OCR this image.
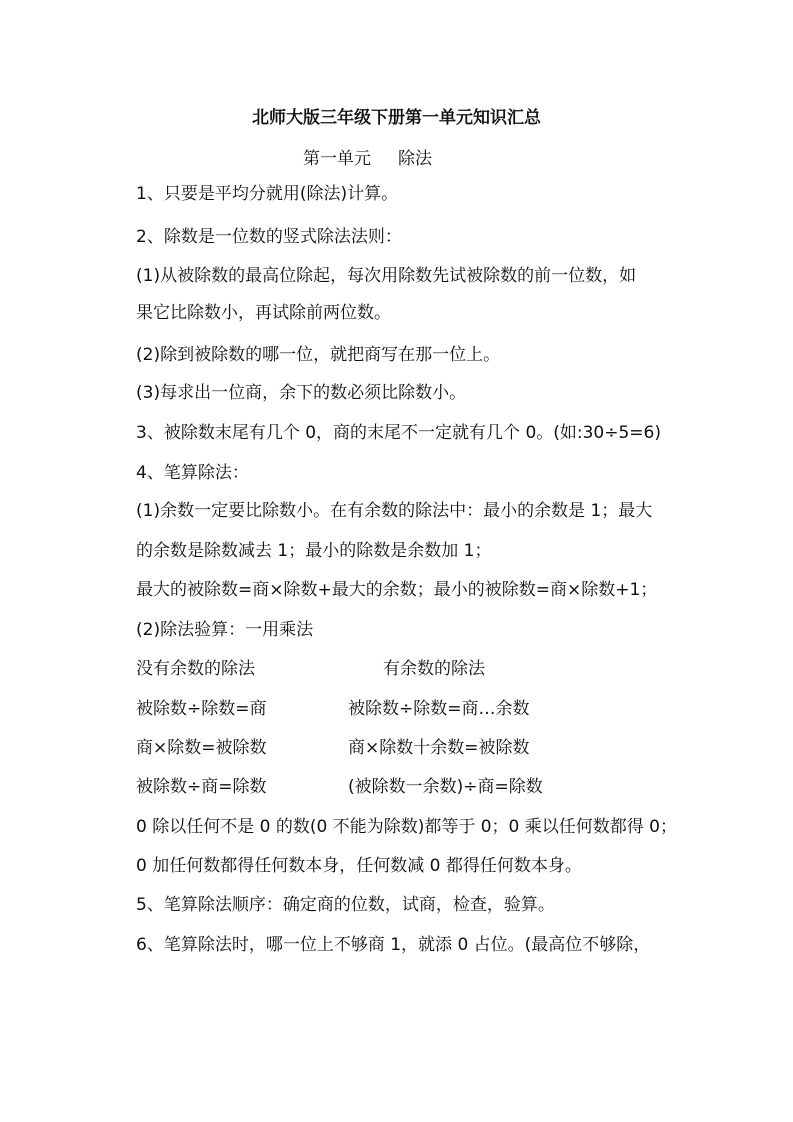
北师大版三年级下册第一单元知识汇总
第一单元     除法
1、只要是平均分就用(除法)计算。
2、除数是一位数的竖式除法法则：
(1)从被除数的最高位除起，每次用除数先试被除数的前一位数，如
果它比除数小，再试除前两位数。
(2)除到被除数的哪一位，就把商写在那一位上。
(3)每求出一位商，余下的数必须比除数小。
3、被除数末尾有几个 0，商的末尾不一定就有几个 0。(如:30÷5=6)
4、笔算除法：
(1)余数一定要比除数小。在有余数的除法中：最小的余数是 1；最大
的余数是除数减去 1；最小的除数是余数加 1；
最大的被除数=商×除数+最大的余数；最小的被除数=商×除数+1；
(2)除法验算：一用乘法
没有余数的除法	有余数的除法
被除数÷除数=商	被除数÷除数=商…余数
商×除数=被除数	商×除数十余数=被除数
被除数÷商=除数	(被除数一余数)÷商=除数
0 除以任何不是 0 的数(0 不能为除数)都等于 0；0 乘以任何数都得 0；
0 加任何数都得任何数本身，任何数减 0 都得任何数本身。
5、笔算除法顺序：确定商的位数，试商，检查，验算。
6、笔算除法时，哪一位上不够商 1，就添 0 占位。(最高位不够除，
